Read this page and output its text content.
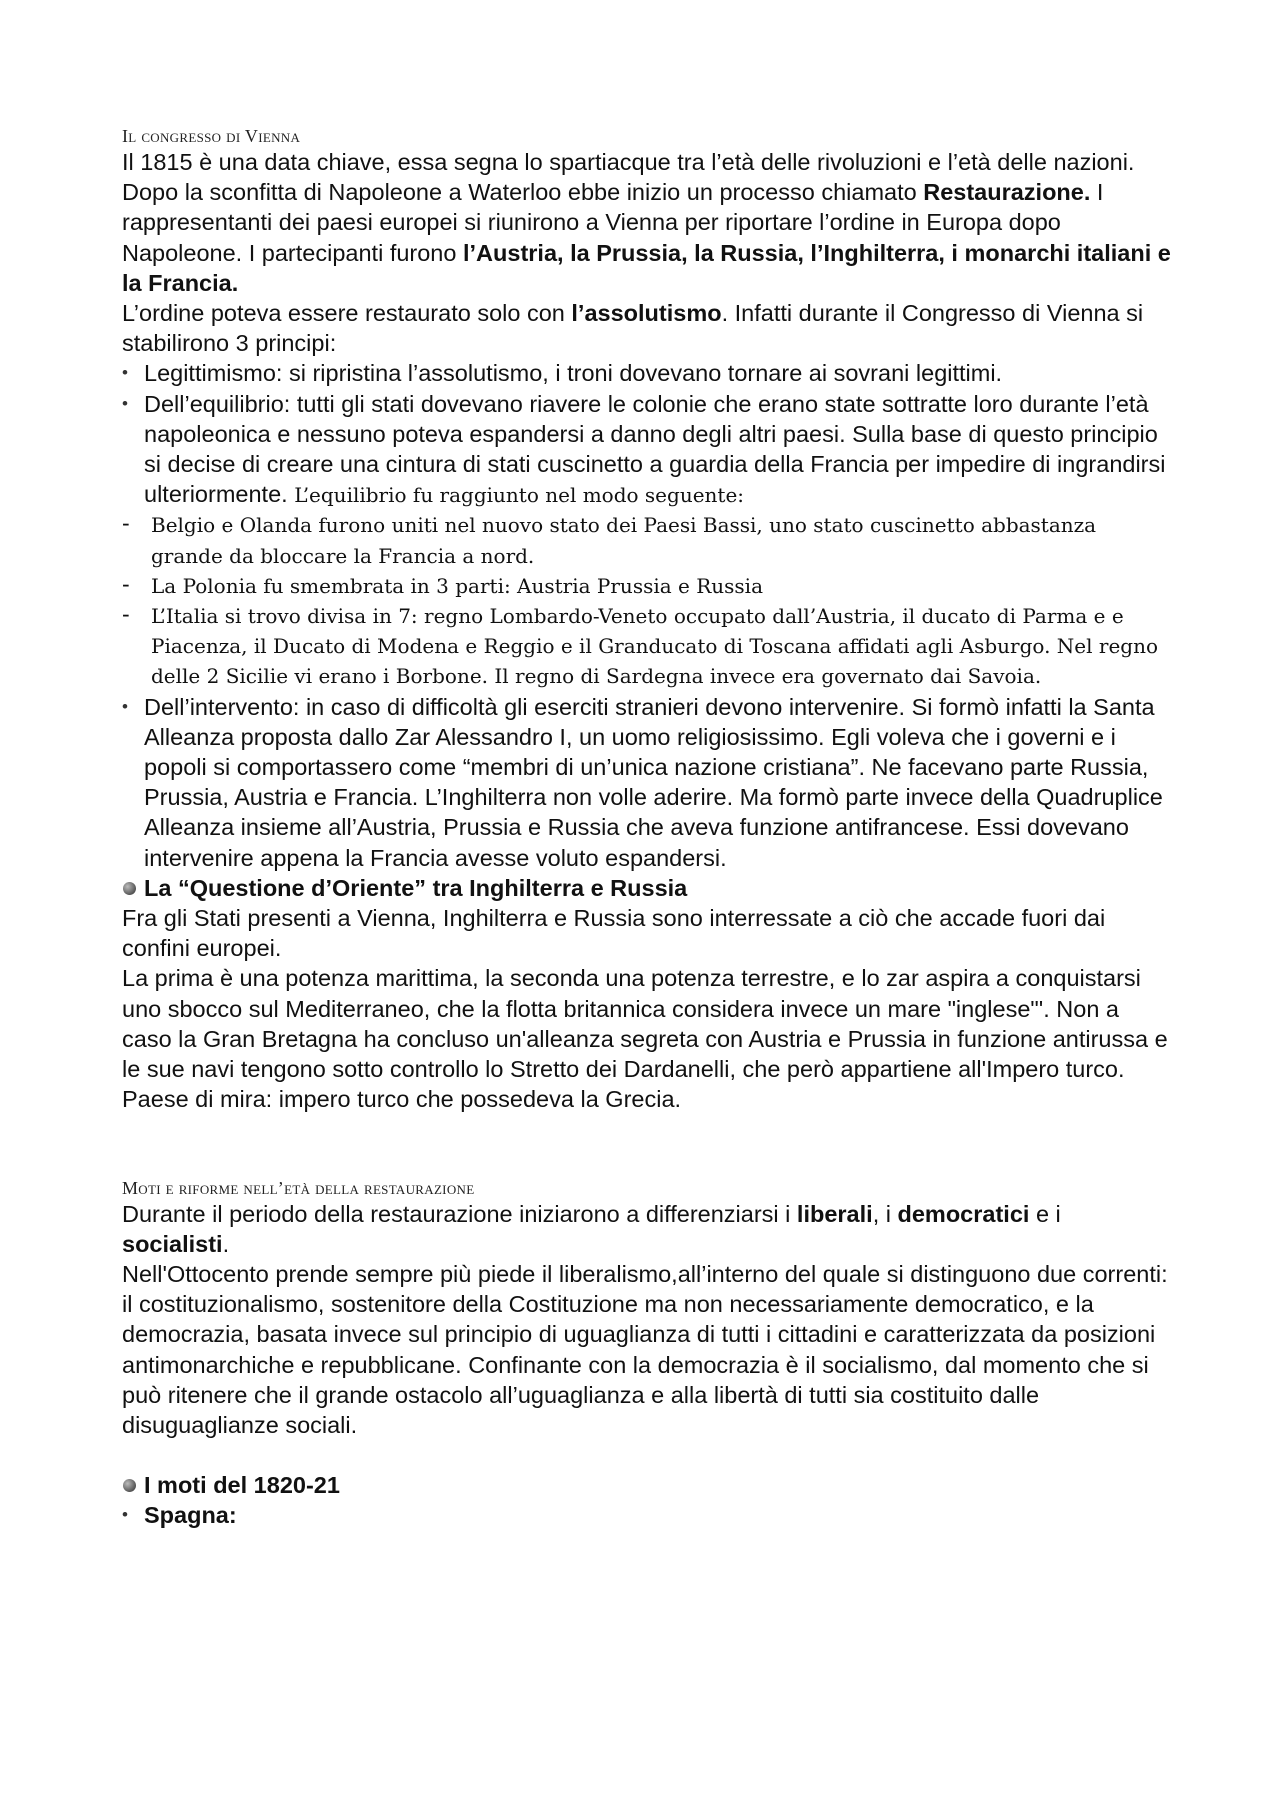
Il congresso di Vienna

Il 1815 è una data chiave, essa segna lo spartiacque tra l’età delle rivoluzioni e l’età delle nazioni.

Dopo la sconfitta di Napoleone a Waterloo ebbe inizio un processo chiamato Restaurazione. I rappresentanti dei paesi europei si riunirono a Vienna per riportare l’ordine in Europa dopo Napoleone. I partecipanti furono l’Austria, la Prussia, la Russia, l’Inghilterra, i monarchi italiani e la Francia.

L’ordine poteva essere restaurato solo con l’assolutismo. Infatti durante il Congresso di Vienna si stabilirono 3 principi:

• Legittimismo: si ripristina l’assolutismo, i troni dovevano tornare ai sovrani legittimi.
• Dell’equilibrio: tutti gli stati dovevano riavere le colonie che erano state sottratte loro durante l’età napoleonica e nessuno poteva espandersi a danno degli altri paesi. Sulla base di questo principio si decise di creare una cintura di stati cuscinetto a guardia della Francia per impedire di ingrandirsi ulteriormente. L’equilibrio fu raggiunto nel modo seguente:
- Belgio e Olanda furono uniti nel nuovo stato dei Paesi Bassi, uno stato cuscinetto abbastanza grande da bloccare la Francia a nord.
- La Polonia fu smembrata in 3 parti: Austria Prussia e Russia
- L’Italia si trovo divisa in 7: regno Lombardo-Veneto occupato dall’Austria, il ducato di Parma e e Piacenza, il Ducato di Modena e Reggio e il Granducato di Toscana affidati agli Asburgo. Nel regno delle 2 Sicilie vi erano i Borbone. Il regno di Sardegna invece era governato dai Savoia.
• Dell’intervento: in caso di difficoltà gli eserciti stranieri devono intervenire. Si formò infatti la Santa Alleanza proposta dallo Zar Alessandro I, un uomo religiosissimo. Egli voleva che i governi e i popoli si comportassero come “membri di un’unica nazione cristiana”. Ne facevano parte Russia, Prussia, Austria e Francia. L’Inghilterra non volle aderire. Ma formò parte invece della Quadruplice Alleanza insieme all’Austria, Prussia e Russia che aveva funzione antifrancese. Essi dovevano intervenire appena la Francia avesse voluto espandersi.
La “Questione d’Oriente” tra Inghilterra e Russia

Fra gli Stati presenti a Vienna, Inghilterra e Russia sono interressate a ciò che accade fuori dai confini europei.

La prima è una potenza marittima, la seconda una potenza terrestre, e lo zar aspira a conquistarsi uno sbocco sul Mediterraneo, che la flotta britannica considera invece un mare "inglese"'. Non a caso la Gran Bretagna ha concluso un'alleanza segreta con Austria e Prussia in funzione antirussa e le sue navi tengono sotto controllo lo Stretto dei Dardanelli, che però appartiene all'Impero turco.

Paese di mira: impero turco che possedeva la Grecia.

Moti e riforme nell’età della restaurazione

Durante il periodo della restaurazione iniziarono a differenziarsi i liberali, i democratici e i socialisti.

Nell'Ottocento prende sempre più piede il liberalismo,all’interno del quale si distinguono due correnti: il costituzionalismo, sostenitore della Costituzione ma non necessariamente democratico, e la democrazia, basata invece sul principio di uguaglianza di tutti i cittadini e caratterizzata da posizioni antimonarchiche e repubblicane. Confinante con la democrazia è il socialismo, dal momento che si può ritenere che il grande ostacolo all’uguaglianza e alla libertà di tutti sia costituito dalle disuguaglianze sociali.

I moti del 1820-21
• Spagna:
